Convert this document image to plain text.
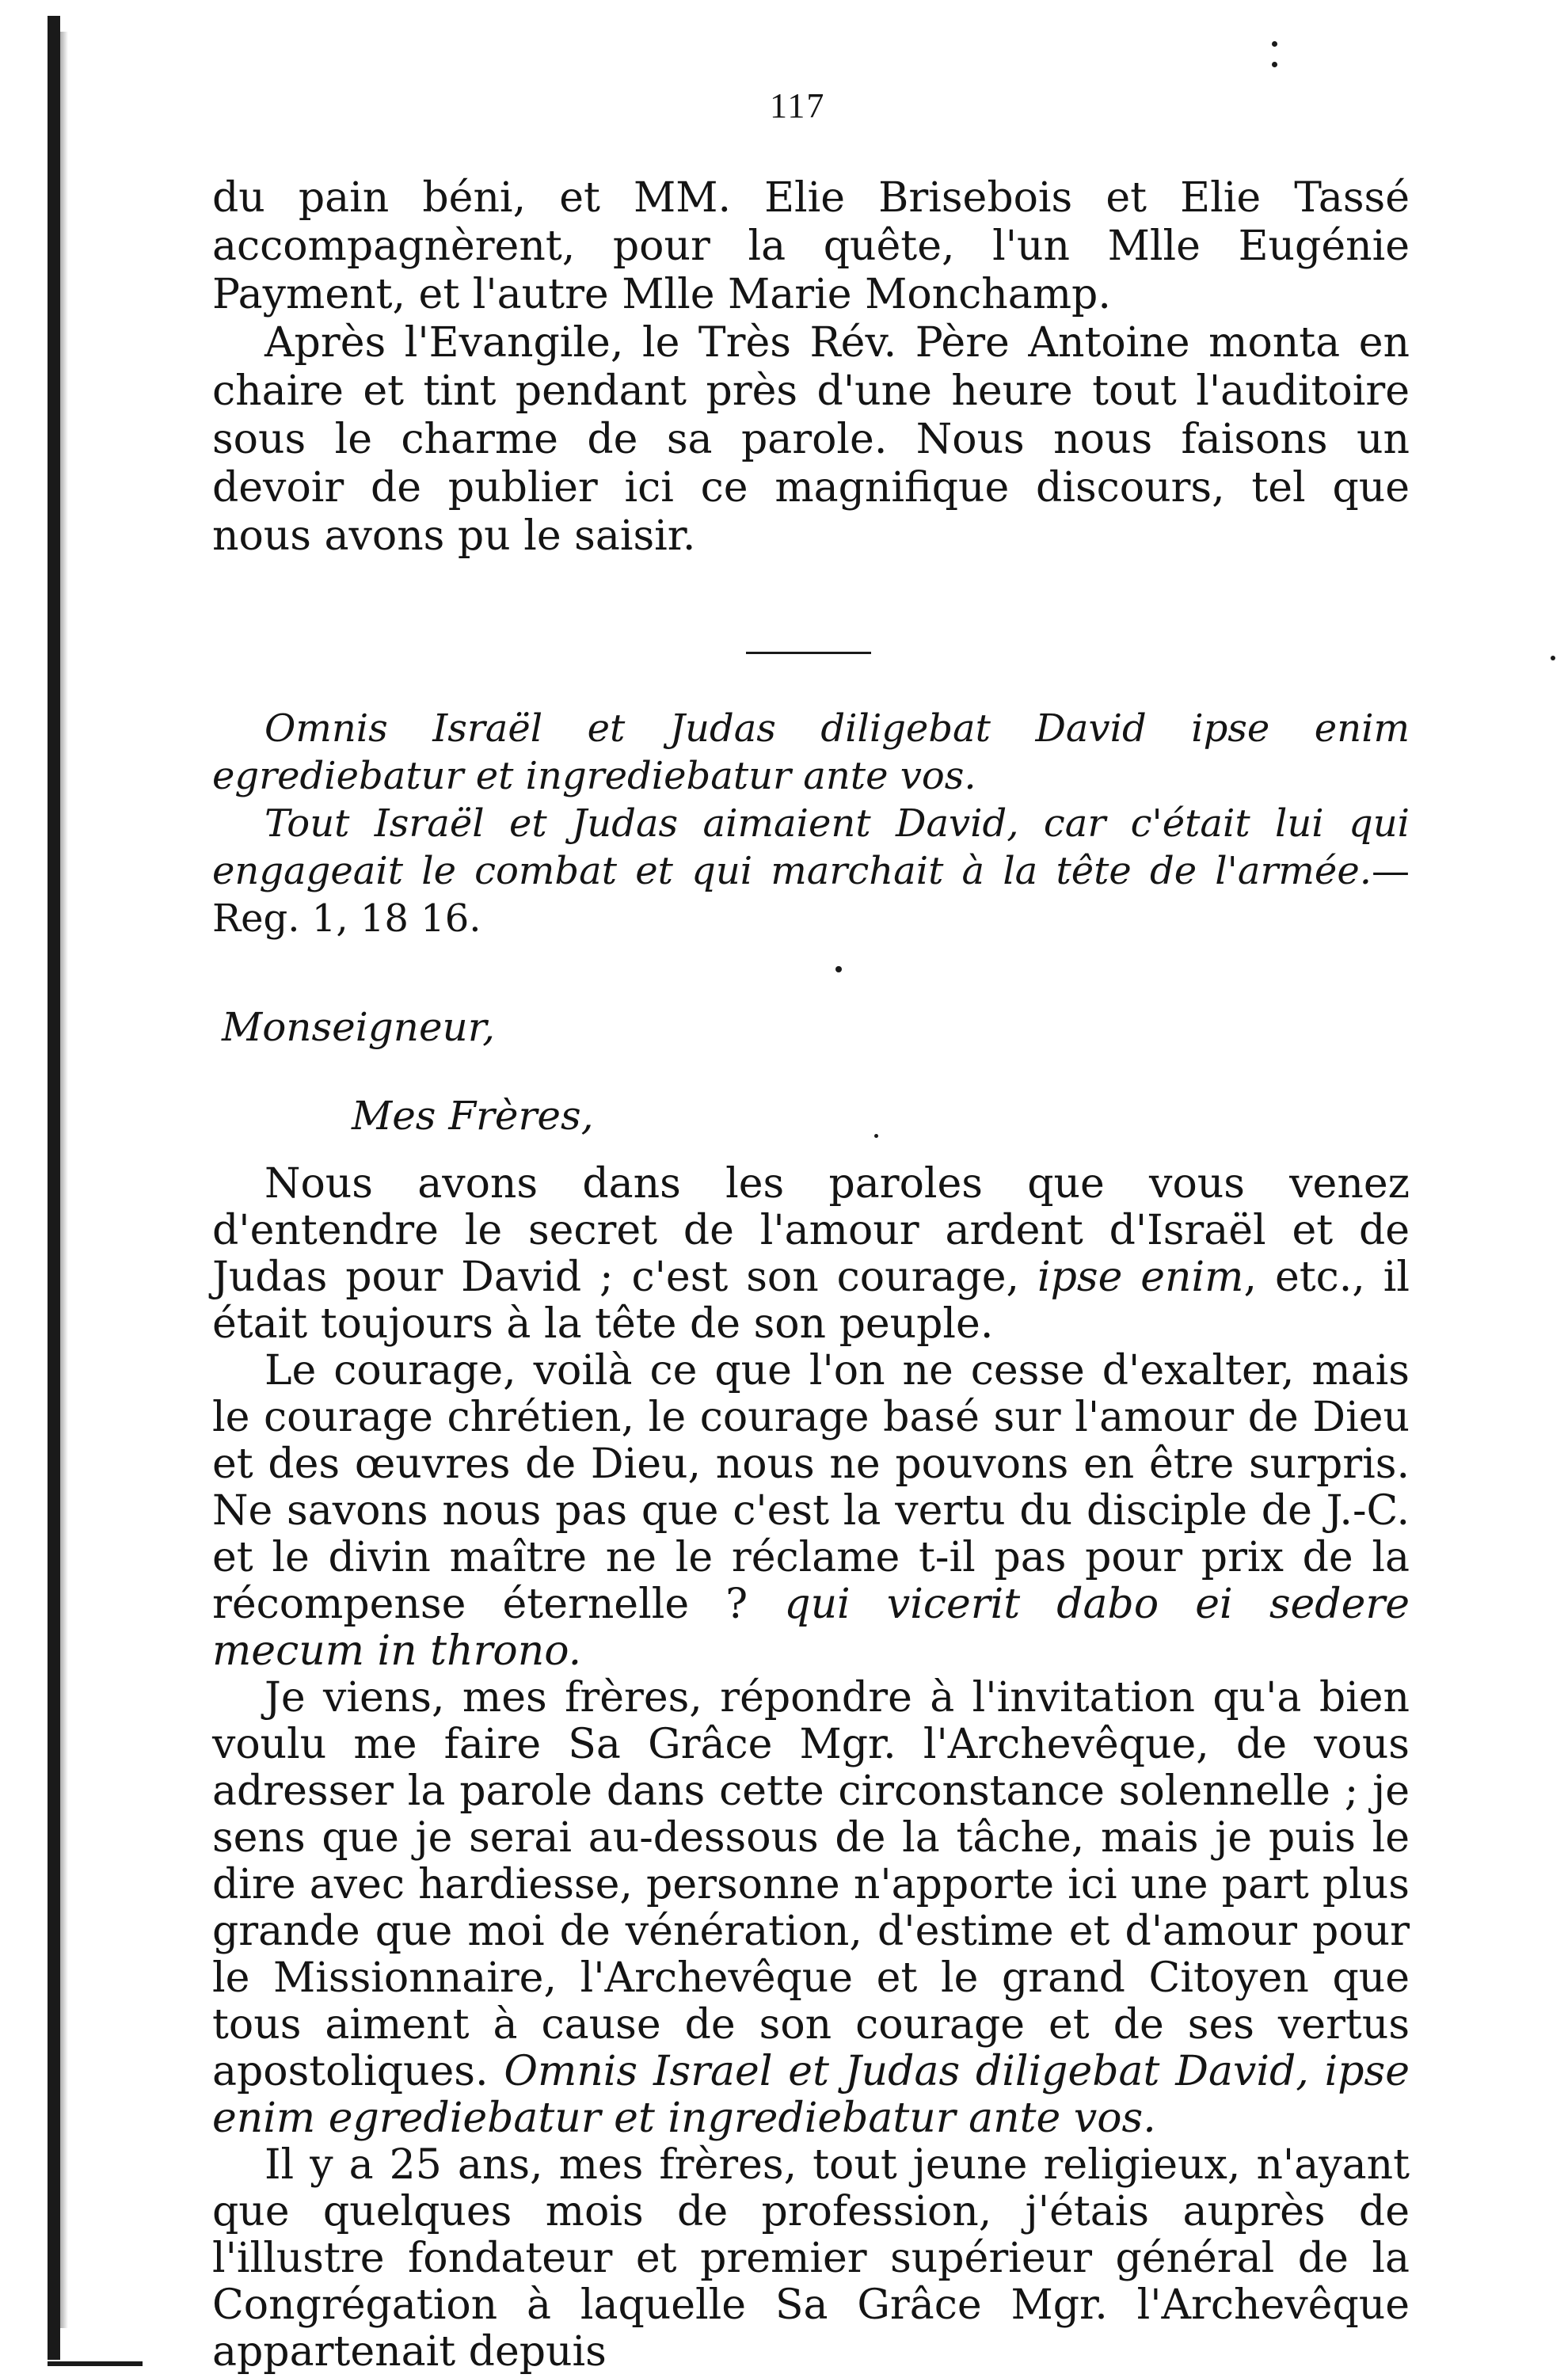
117

du pain béni, et MM. Elie Brisebois et Elie Tassé accompagnèrent, pour la quête, l'un Mlle Eugénie Payment, et l'autre Mlle Marie Monchamp.

Après l'Evangile, le Très Rév. Père Antoine monta en chaire et tint pendant près d'une heure tout l'auditoire sous le charme de sa parole. Nous nous faisons un devoir de publier ici ce magnifique discours, tel que nous avons pu le saisir.

Omnis Israël et Judas diligebat David ipse enim egrediebatur et ingrediebatur ante vos.

Tout Israël et Judas aimaient David, car c'était lui qui engageait le combat et qui marchait à la tête de l'armée.—Reg. 1, 18 16.

Monseigneur,
Mes Frères,

Nous avons dans les paroles que vous venez d'entendre le secret de l'amour ardent d'Israël et de Judas pour David ; c'est son courage, ipse enim, etc., il était toujours à la tête de son peuple.

Le courage, voilà ce que l'on ne cesse d'exalter, mais le courage chrétien, le courage basé sur l'amour de Dieu et des œuvres de Dieu, nous ne pouvons en être surpris. Ne savons nous pas que c'est la vertu du disciple de J.-C. et le divin maître ne le réclame t-il pas pour prix de la récompense éternelle ? qui vicerit dabo ei sedere mecum in throno.

Je viens, mes frères, répondre à l'invitation qu'a bien voulu me faire Sa Grâce Mgr. l'Archevêque, de vous adresser la parole dans cette circonstance solennelle ; je sens que je serai au-dessous de la tâche, mais je puis le dire avec hardiesse, personne n'apporte ici une part plus grande que moi de vénération, d'estime et d'amour pour le Missionnaire, l'Archevêque et le grand Citoyen que tous aiment à cause de son courage et de ses vertus apostoliques. Omnis Israel et Judas diligebat David, ipse enim egrediebatur et ingrediebatur ante vos.

Il y a 25 ans, mes frères, tout jeune religieux, n'ayant que quelques mois de profession, j'étais auprès de l'illustre fondateur et premier supérieur général de la Congrégation à laquelle Sa Grâce Mgr. l'Archevêque appartenait depuis
